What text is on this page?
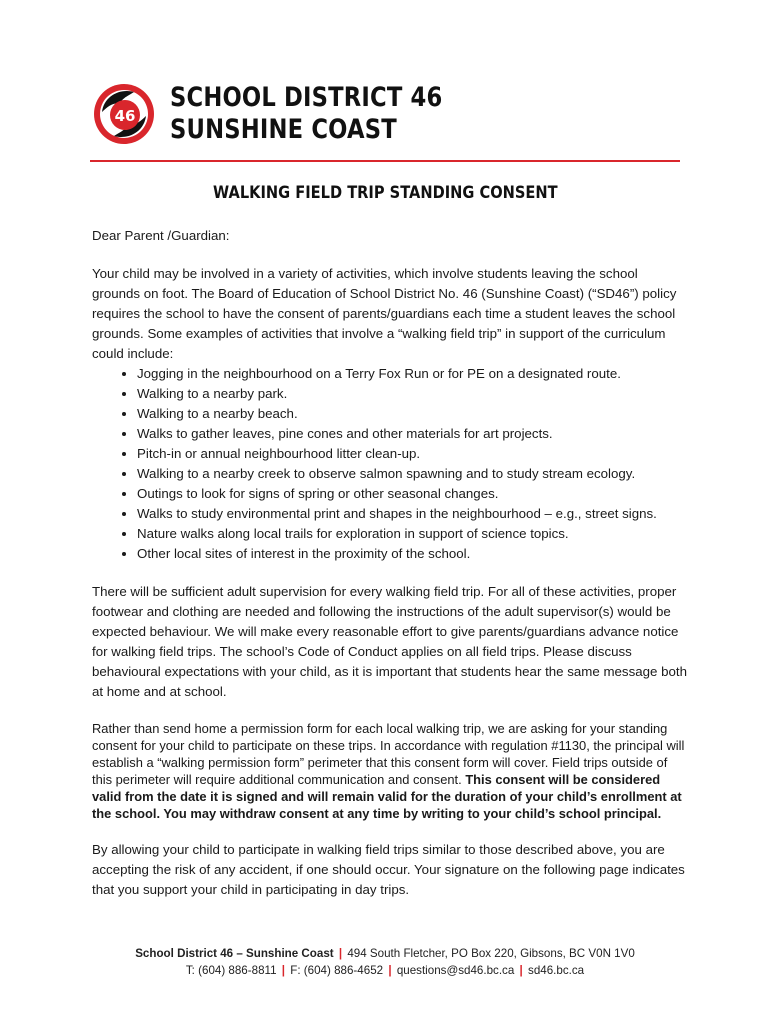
46
SCHOOL DISTRICT 46
SUNSHINE COAST
WALKING FIELD TRIP STANDING CONSENT

Dear Parent /Guardian:

Your child may be involved in a variety of activities, which involve students leaving the school grounds on foot. The Board of Education of School District No. 46 (Sunshine Coast) (“SD46”) policy requires the school to have the consent of parents/guardians each time a student leaves the school grounds. Some examples of activities that involve a “walking field trip” in support of the curriculum could include:

• Jogging in the neighbourhood on a Terry Fox Run or for PE on a designated route.
• Walking to a nearby park.
• Walking to a nearby beach.
• Walks to gather leaves, pine cones and other materials for art projects.
• Pitch-in or annual neighbourhood litter clean-up.
• Walking to a nearby creek to observe salmon spawning and to study stream ecology.
• Outings to look for signs of spring or other seasonal changes.
• Walks to study environmental print and shapes in the neighbourhood – e.g., street signs.
• Nature walks along local trails for exploration in support of science topics.
• Other local sites of interest in the proximity of the school.

There will be sufficient adult supervision for every walking field trip. For all of these activities, proper footwear and clothing are needed and following the instructions of the adult supervisor(s) would be expected behaviour. We will make every reasonable effort to give parents/guardians advance notice for walking field trips. The school’s Code of Conduct applies on all field trips. Please discuss behavioural expectations with your child, as it is important that students hear the same message both at home and at school.

Rather than send home a permission form for each local walking trip, we are asking for your standing consent for your child to participate on these trips. In accordance with regulation #1130, the principal will establish a “walking permission form” perimeter that this consent form will cover. Field trips outside of this perimeter will require additional communication and consent. This consent will be considered valid from the date it is signed and will remain valid for the duration of your child’s enrollment at the school. You may withdraw consent at any time by writing to your child’s school principal.

By allowing your child to participate in walking field trips similar to those described above, you are accepting the risk of any accident, if one should occur. Your signature on the following page indicates that you support your child in participating in day trips.

School District 46 – Sunshine Coast | 494 South Fletcher, PO Box 220, Gibsons, BC V0N 1V0
T: (604) 886-8811 | F: (604) 886-4652 | questions@sd46.bc.ca | sd46.bc.ca
